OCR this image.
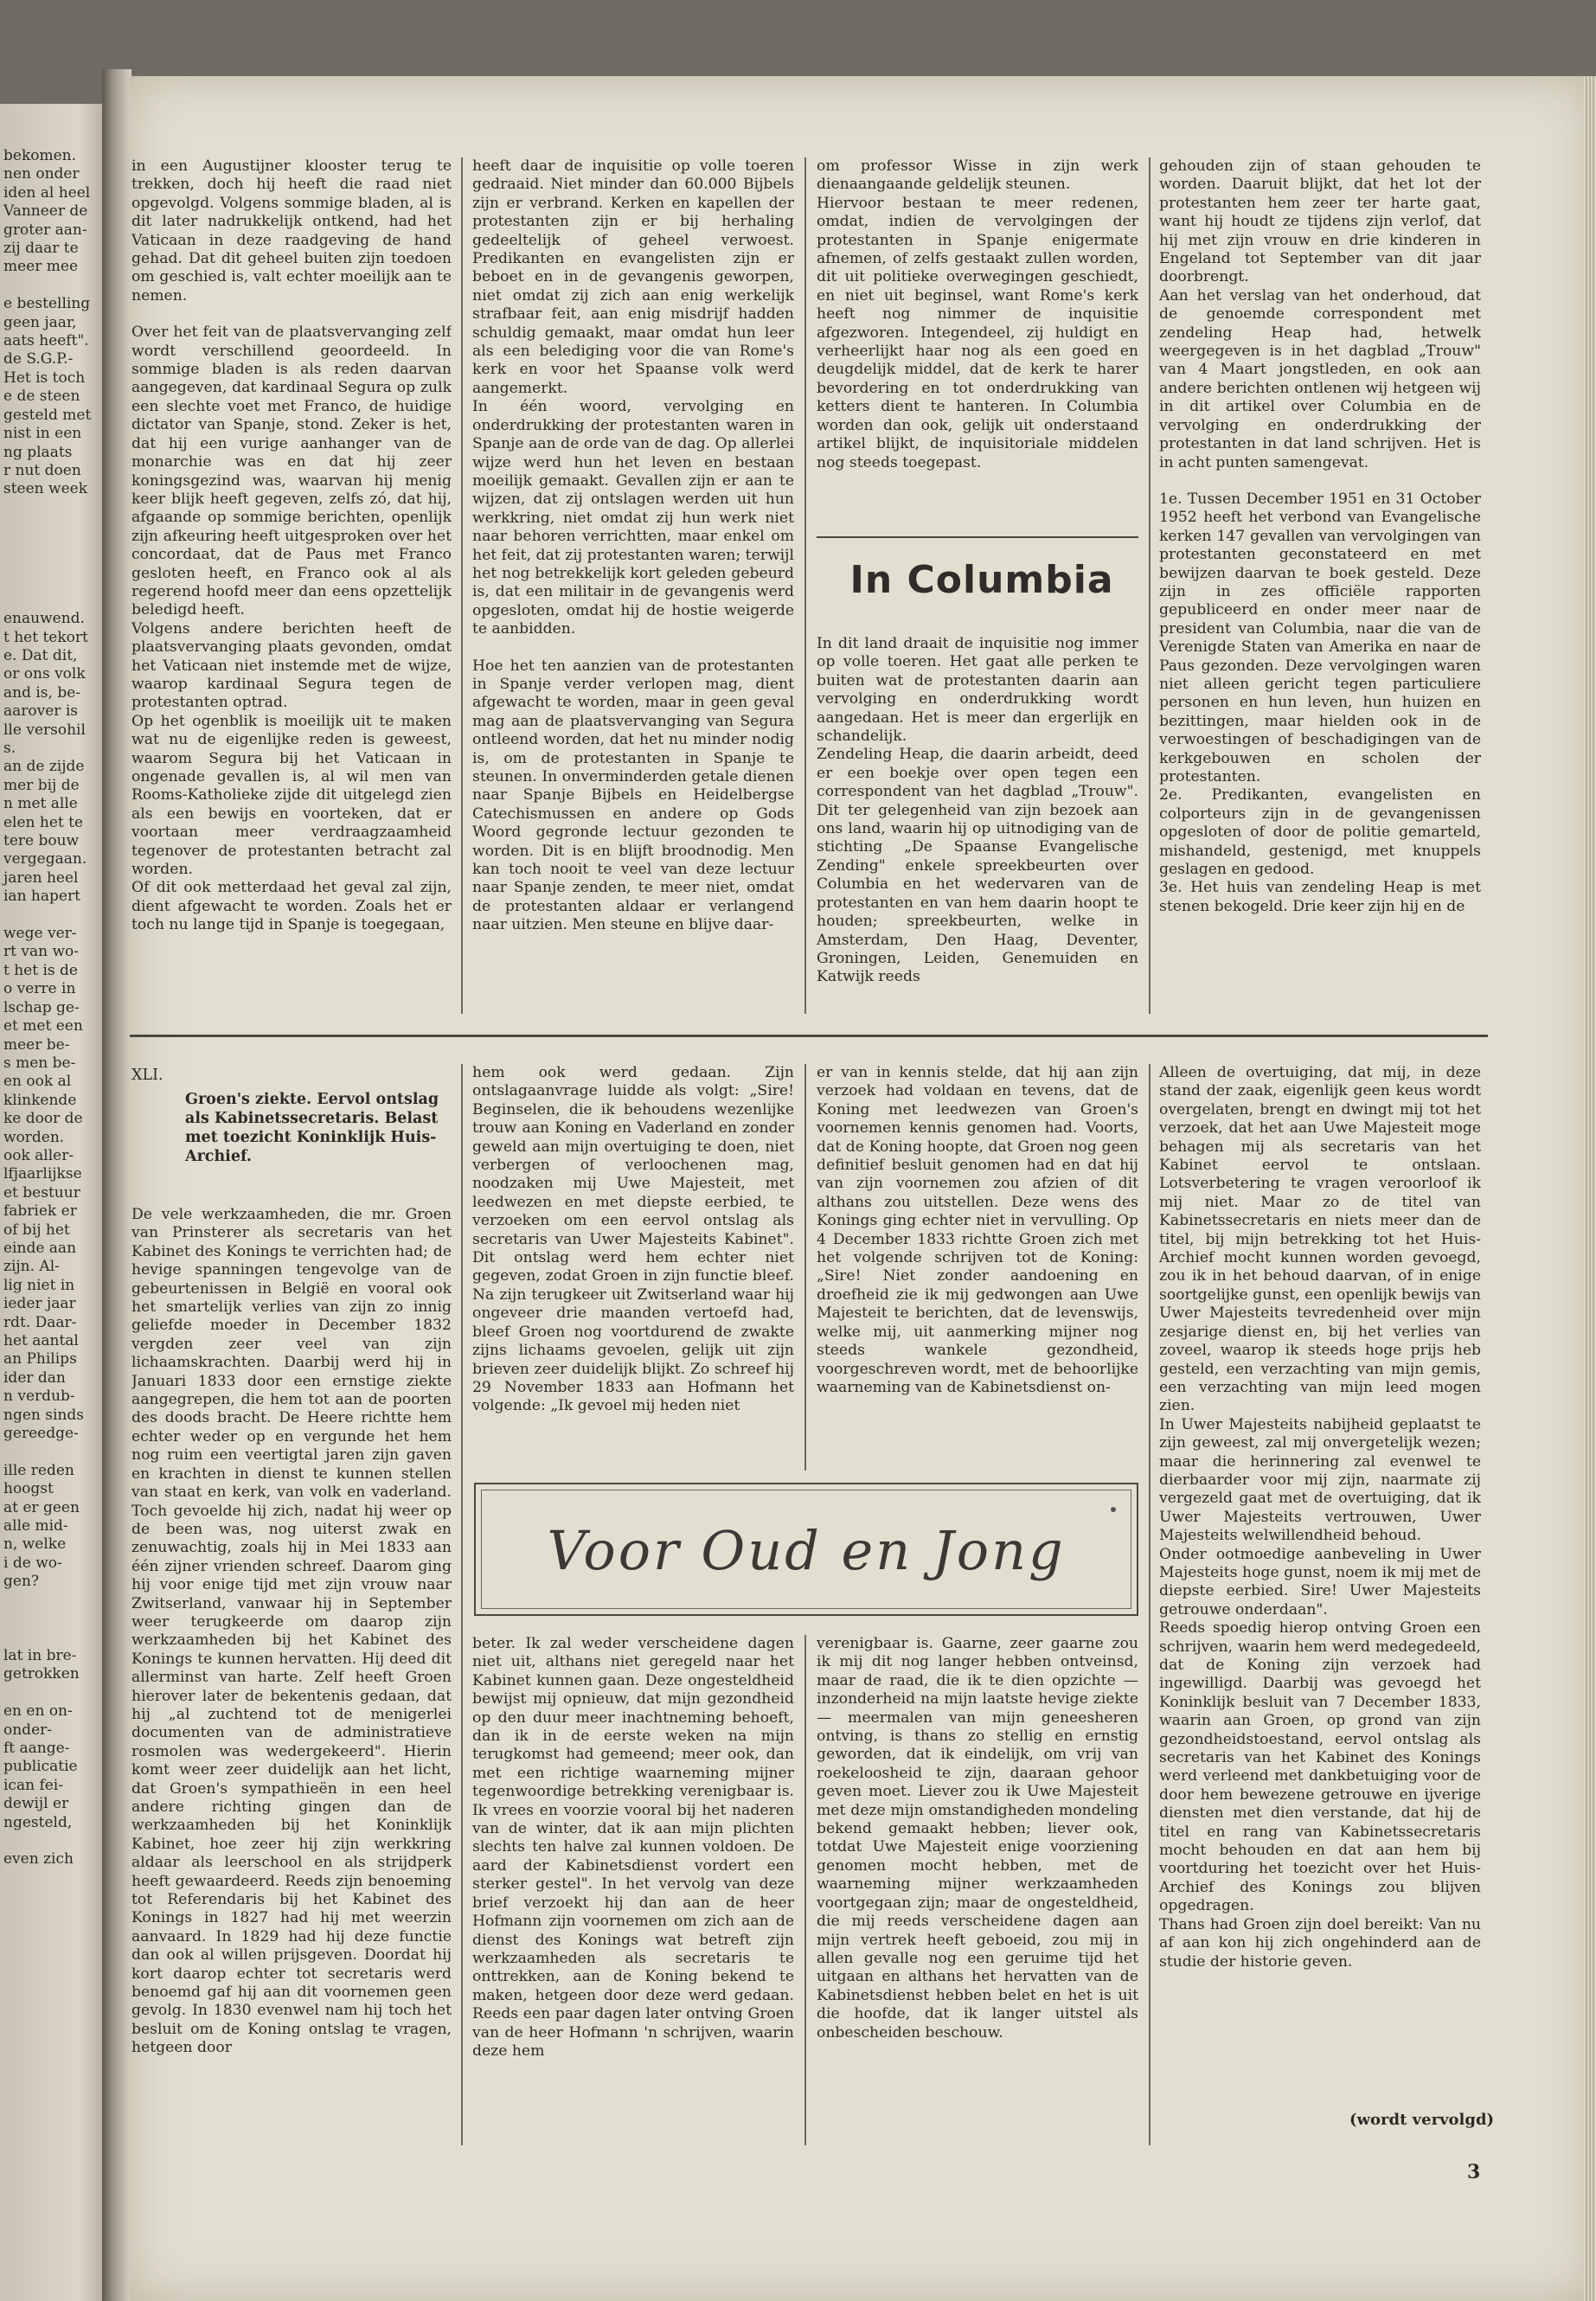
bekomen.
nen onder
iden al heel
Vanneer de
groter aan-
zij daar te
meer mee

e bestelling
geen jaar,
aats heeft".
de S.G.P.-
Het is toch
e de steen
gesteld met
nist in een
ng plaats
r nut doen
steen week

enauwend.
t het tekort
e. Dat dit,
or ons volk
and is, be-
aarover is
lle versohil
s.
an de zijde
mer bij de
n met alle
elen het te
tere bouw
vergegaan.
jaren heel
ian hapert

wege ver-
rt van wo-
t het is de
o verre in
lschap ge-
et met een
meer be-
s men be-
en ook al
klinkende
ke door de
worden.
ook aller-
lfjaarlijkse
et bestuur
fabriek er
of bij het
einde aan
zijn. Al-
lig niet in
ieder jaar
rdt. Daar-
het aantal
an Philips
ider dan
n verdub-
ngen sinds
gereedge-

ille reden
hoogst
at er geen
alle mid-
n, welke
i de wo-
gen?

lat in bre-
getrokken

en en on-
onder-
ft aange-
publicatie
ican fei-
dewijl er
ngesteld,

even zich

in een Augustijner klooster terug te trekken, doch hij heeft die raad niet opgevolgd. Volgens sommige bladen, al is dit later nadrukkelijk ontkend, had het Vaticaan in deze raadgeving de hand gehad. Dat dit geheel buiten zijn toedoen om geschied is, valt echter moeilijk aan te nemen.

Over het feit van de plaatsvervanging zelf wordt verschillend geoordeeld. In sommige bladen is als reden daarvan aangegeven, dat kardinaal Segura op zulk een slechte voet met Franco, de huidige dictator van Spanje, stond. Zeker is het, dat hij een vurige aanhanger van de monarchie was en dat hij zeer koningsgezind was, waarvan hij menig keer blijk heeft gegeven, zelfs zó, dat hij, afgaande op sommige berichten, openlijk zijn afkeuring heeft uitgesproken over het concordaat, dat de Paus met Franco gesloten heeft, en Franco ook al als regerend hoofd meer dan eens opzettelijk beledigd heeft.

Volgens andere berichten heeft de plaatsvervanging plaats gevonden, omdat het Vaticaan niet instemde met de wijze, waarop kardinaal Segura tegen de protestanten optrad.

Op het ogenblik is moeilijk uit te maken wat nu de eigenlijke reden is geweest, waarom Segura bij het Vaticaan in ongenade gevallen is, al wil men van Rooms-Katholieke zijde dit uitgelegd zien als een bewijs en voorteken, dat er voortaan meer verdraagzaamheid tegenover de protestanten betracht zal worden.

Of dit ook metterdaad het geval zal zijn, dient afgewacht te worden. Zoals het er toch nu lange tijd in Spanje is toegegaan,

heeft daar de inquisitie op volle toeren gedraaid. Niet minder dan 60.000 Bijbels zijn er verbrand. Kerken en kapellen der protestanten zijn er bij herhaling gedeeltelijk of geheel verwoest. Predikanten en evangelisten zijn er beboet en in de gevangenis geworpen, niet omdat zij zich aan enig werkelijk strafbaar feit, aan enig misdrijf hadden schuldig gemaakt, maar omdat hun leer als een belediging voor die van Rome's kerk en voor het Spaanse volk werd aangemerkt.

In één woord, vervolging en onderdrukking der protestanten waren in Spanje aan de orde van de dag. Op allerlei wijze werd hun het leven en bestaan moeilijk gemaakt. Gevallen zijn er aan te wijzen, dat zij ontslagen werden uit hun werkkring, niet omdat zij hun werk niet naar behoren verrichtten, maar enkel om het feit, dat zij protestanten waren; terwijl het nog betrekkelijk kort geleden gebeurd is, dat een militair in de gevangenis werd opgesloten, omdat hij de hostie weigerde te aanbidden.

Hoe het ten aanzien van de protestanten in Spanje verder verlopen mag, dient afgewacht te worden, maar in geen geval mag aan de plaatsvervanging van Segura ontleend worden, dat het nu minder nodig is, om de protestanten in Spanje te steunen. In onverminderden getale dienen naar Spanje Bijbels en Heidelbergse Catechismussen en andere op Gods Woord gegronde lectuur gezonden te worden. Dit is en blijft broodnodig. Men kan toch nooit te veel van deze lectuur naar Spanje zenden, te meer niet, omdat de protestanten aldaar er verlangend naar uitzien. Men steune en blijve daar-

om professor Wisse in zijn werk dienaangaande geldelijk steunen.

Hiervoor bestaan te meer redenen, omdat, indien de vervolgingen der protestanten in Spanje enigermate afnemen, of zelfs gestaakt zullen worden, dit uit politieke overwegingen geschiedt, en niet uit beginsel, want Rome's kerk heeft nog nimmer de inquisitie afgezworen. Integendeel, zij huldigt en verheerlijkt haar nog als een goed en deugdelijk middel, dat de kerk te harer bevordering en tot onderdrukking van ketters dient te hanteren. In Columbia worden dan ook, gelijk uit onderstaand artikel blijkt, de inquisitoriale middelen nog steeds toegepast.

In Columbia

In dit land draait de inquisitie nog immer op volle toeren. Het gaat alle perken te buiten wat de protestanten daarin aan vervolging en onderdrukking wordt aangedaan. Het is meer dan ergerlijk en schandelijk.

Zendeling Heap, die daarin arbeidt, deed er een boekje over open tegen een correspondent van het dagblad „Trouw". Dit ter gelegenheid van zijn bezoek aan ons land, waarin hij op uitnodiging van de stichting „De Spaanse Evangelische Zending" enkele spreekbeurten over Columbia en het wedervaren van de protestanten en van hem daarin hoopt te houden; spreekbeurten, welke in Amsterdam, Den Haag, Deventer, Groningen, Leiden, Genemuiden en Katwijk reeds

gehouden zijn of staan gehouden te worden. Daaruit blijkt, dat het lot der protestanten hem zeer ter harte gaat, want hij houdt ze tijdens zijn verlof, dat hij met zijn vrouw en drie kinderen in Engeland tot September van dit jaar doorbrengt.

Aan het verslag van het onderhoud, dat de genoemde correspondent met zendeling Heap had, hetwelk weergegeven is in het dagblad „Trouw" van 4 Maart jongstleden, en ook aan andere berichten ontlenen wij hetgeen wij in dit artikel over Columbia en de vervolging en onderdrukking der protestanten in dat land schrijven. Het is in acht punten samengevat.

1e. Tussen December 1951 en 31 October 1952 heeft het verbond van Evangelische kerken 147 gevallen van vervolgingen van protestanten geconstateerd en met bewijzen daarvan te boek gesteld. Deze zijn in zes officiële rapporten gepubliceerd en onder meer naar de president van Columbia, naar die van de Verenigde Staten van Amerika en naar de Paus gezonden. Deze vervolgingen waren niet alleen gericht tegen particuliere personen en hun leven, hun huizen en bezittingen, maar hielden ook in de verwoestingen of beschadigingen van de kerkgebouwen en scholen der protestanten.

2e. Predikanten, evangelisten en colporteurs zijn in de gevangenissen opgesloten of door de politie gemarteld, mishandeld, gestenigd, met knuppels geslagen en gedood.

3e. Het huis van zendeling Heap is met stenen bekogeld. Drie keer zijn hij en de

XLI.
Groen's ziekte. Eervol ontslag als Kabinetssecretaris. Belast met toezicht Koninklijk Huis-Archief.

De vele werkzaamheden, die mr. Groen van Prinsterer als secretaris van het Kabinet des Konings te verrichten had; de hevige spanningen tengevolge van de gebeurtenissen in België en vooral ook het smartelijk verlies van zijn zo innig geliefde moeder in December 1832 vergden zeer veel van zijn lichaamskrachten. Daarbij werd hij in Januari 1833 door een ernstige ziekte aangegrepen, die hem tot aan de poorten des doods bracht. De Heere richtte hem echter weder op en vergunde het hem nog ruim een veertigtal jaren zijn gaven en krachten in dienst te kunnen stellen van staat en kerk, van volk en vaderland. Toch gevoelde hij zich, nadat hij weer op de been was, nog uiterst zwak en zenuwachtig, zoals hij in Mei 1833 aan één zijner vrienden schreef. Daarom ging hij voor enige tijd met zijn vrouw naar Zwitserland, vanwaar hij in September weer terugkeerde om daarop zijn werkzaamheden bij het Kabinet des Konings te kunnen hervatten. Hij deed dit allerminst van harte. Zelf heeft Groen hierover later de bekentenis gedaan, dat hij „al zuchtend tot de menigerlei documenten van de administratieve rosmolen was wedergekeerd". Hierin komt weer zeer duidelijk aan het licht, dat Groen's sympathieën in een heel andere richting gingen dan de werkzaamheden bij het Koninklijk Kabinet, hoe zeer hij zijn werkkring aldaar als leerschool en als strijdperk heeft gewaardeerd. Reeds zijn benoeming tot Referendaris bij het Kabinet des Konings in 1827 had hij met weerzin aanvaard. In 1829 had hij deze functie dan ook al willen prijsgeven. Doordat hij kort daarop echter tot secretaris werd benoemd gaf hij aan dit voornemen geen gevolg. In 1830 evenwel nam hij toch het besluit om de Koning ontslag te vragen, hetgeen door

hem ook werd gedaan. Zijn ontslagaanvrage luidde als volgt: „Sire! Beginselen, die ik behoudens wezenlijke trouw aan Koning en Vaderland en zonder geweld aan mijn overtuiging te doen, niet verbergen of verloochenen mag, noodzaken mij Uwe Majesteit, met leedwezen en met diepste eerbied, te verzoeken om een eervol ontslag als secretaris van Uwer Majesteits Kabinet". Dit ontslag werd hem echter niet gegeven, zodat Groen in zijn functie bleef. Na zijn terugkeer uit Zwitserland waar hij ongeveer drie maanden vertoefd had, bleef Groen nog voortdurend de zwakte zijns lichaams gevoelen, gelijk uit zijn brieven zeer duidelijk blijkt. Zo schreef hij 29 November 1833 aan Hofmann het volgende: „Ik gevoel mij heden niet

er van in kennis stelde, dat hij aan zijn verzoek had voldaan en tevens, dat de Koning met leedwezen van Groen's voornemen kennis genomen had. Voorts, dat de Koning hoopte, dat Groen nog geen definitief besluit genomen had en dat hij van zijn voornemen zou afzien of dit althans zou uitstellen. Deze wens des Konings ging echter niet in vervulling. Op 4 December 1833 richtte Groen zich met het volgende schrijven tot de Koning: „Sire! Niet zonder aandoening en droefheid zie ik mij gedwongen aan Uwe Majesteit te berichten, dat de levenswijs, welke mij, uit aanmerking mijner nog steeds wankele gezondheid, voorgeschreven wordt, met de behoorlijke waarneming van de Kabinetsdienst on-

Voor Oud en Jong

beter. Ik zal weder verscheidene dagen niet uit, althans niet geregeld naar het Kabinet kunnen gaan. Deze ongesteldheid bewijst mij opnieuw, dat mijn gezondheid op den duur meer inachtneming behoeft, dan ik in de eerste weken na mijn terugkomst had gemeend; meer ook, dan met een richtige waarneming mijner tegenwoordige betrekking verenigbaar is. Ik vrees en voorzie vooral bij het naderen van de winter, dat ik aan mijn plichten slechts ten halve zal kunnen voldoen. De aard der Kabinetsdienst vordert een sterker gestel". In het vervolg van deze brief verzoekt hij dan aan de heer Hofmann zijn voornemen om zich aan de dienst des Konings wat betreft zijn werkzaamheden als secretaris te onttrekken, aan de Koning bekend te maken, hetgeen door deze werd gedaan. Reeds een paar dagen later ontving Groen van de heer Hofmann 'n schrijven, waarin deze hem

verenigbaar is. Gaarne, zeer gaarne zou ik mij dit nog langer hebben ontveinsd, maar de raad, die ik te dien opzichte — inzonderheid na mijn laatste hevige ziekte — meermalen van mijn geneesheren ontving, is thans zo stellig en ernstig geworden, dat ik eindelijk, om vrij van roekeloosheid te zijn, daaraan gehoor geven moet. Liever zou ik Uwe Majesteit met deze mijn omstandigheden mondeling bekend gemaakt hebben; liever ook, totdat Uwe Majesteit enige voorziening genomen mocht hebben, met de waarneming mijner werkzaamheden voortgegaan zijn; maar de ongesteldheid, die mij reeds verscheidene dagen aan mijn vertrek heeft geboeid, zou mij in allen gevalle nog een geruime tijd het uitgaan en althans het hervatten van de Kabinetsdienst hebben belet en het is uit die hoofde, dat ik langer uitstel als onbescheiden beschouw.

Alleen de overtuiging, dat mij, in deze stand der zaak, eigenlijk geen keus wordt overgelaten, brengt en dwingt mij tot het verzoek, dat het aan Uwe Majesteit moge behagen mij als secretaris van het Kabinet eervol te ontslaan. Lotsverbetering te vragen veroorloof ik mij niet. Maar zo de titel van Kabinetssecretaris en niets meer dan de titel, bij mijn betrekking tot het Huis-Archief mocht kunnen worden gevoegd, zou ik in het behoud daarvan, of in enige soortgelijke gunst, een openlijk bewijs van Uwer Majesteits tevredenheid over mijn zesjarige dienst en, bij het verlies van zoveel, waarop ik steeds hoge prijs heb gesteld, een verzachting van mijn gemis, een verzachting van mijn leed mogen zien.

In Uwer Majesteits nabijheid geplaatst te zijn geweest, zal mij onvergetelijk wezen; maar die herinnering zal evenwel te dierbaarder voor mij zijn, naarmate zij vergezeld gaat met de overtuiging, dat ik Uwer Majesteits vertrouwen, Uwer Majesteits welwillendheid behoud.

Onder ootmoedige aanbeveling in Uwer Majesteits hoge gunst, noem ik mij met de diepste eerbied. Sire! Uwer Majesteits getrouwe onderdaan".

Reeds spoedig hierop ontving Groen een schrijven, waarin hem werd medegedeeld, dat de Koning zijn verzoek had ingewilligd. Daarbij was gevoegd het Koninklijk besluit van 7 December 1833, waarin aan Groen, op grond van zijn gezondheidstoestand, eervol ontslag als secretaris van het Kabinet des Konings werd verleend met dankbetuiging voor de door hem bewezene getrouwe en ijverige diensten met dien verstande, dat hij de titel en rang van Kabinetssecretaris mocht behouden en dat aan hem bij voortduring het toezicht over het Huis-Archief des Konings zou blijven opgedragen.

Thans had Groen zijn doel bereikt: Van nu af aan kon hij zich ongehinderd aan de studie der historie geven.

(wordt vervolgd)
3
